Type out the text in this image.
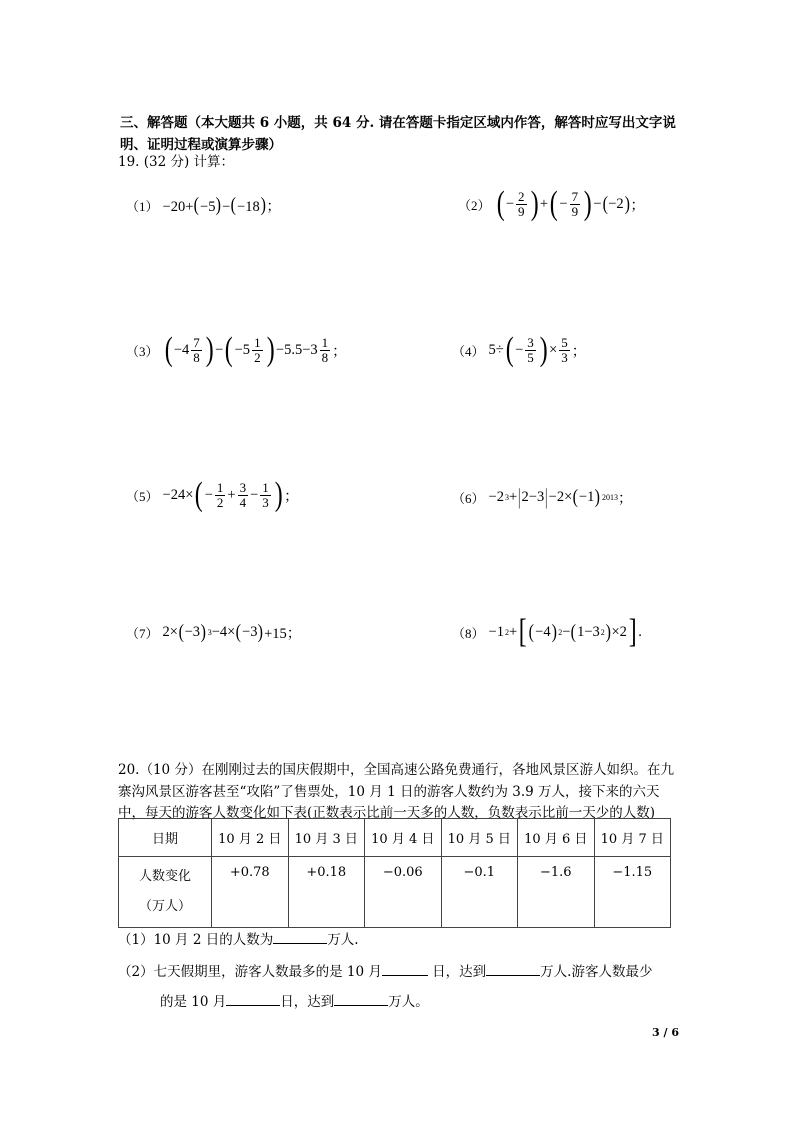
三、解答题（本大题共 6 小题，共 64 分. 请在答题卡指定区域内作答，解答时应写出文字说明、证明过程或演算步骤）
19. (32 分) 计算：
（1） −20+(−5)−(−18)；	（2） ( − $\frac{2}{9}$ ) + ( − $\frac{7}{9}$ ) − ( −2 ) ；
（3） ( $-4 \frac{7}{8}$ ) − ( $-5 \frac{1}{2}$ ) $-5.5-3 \frac{1}{8}$ ；	（4） 5÷ ( − $\frac{3}{5}$ ) × $\frac{5}{3}$ ；
（5） −24× ( − $\frac{1}{2} + \frac{3}{4} - \frac{1}{3}$ ) ；	（6） −2 3 + | 2−3 | −2× ( −1 ) 2013 ；
（7） 2× ( −3 ) 3 −4× ( −3 ) +15；	（8） −1 2 + [ ( −4 ) 2 − ( 1−3 2 ) ×2 ] .
20.（10 分）在刚刚过去的国庆假期中，全国高速公路免费通行，各地风景区游人如织。在九寨沟风景区游客甚至“攻陷”了售票处，10 月 1 日的游客人数约为 3.9 万人，接下来的六天中，每天的游客人数变化如下表(正数表示比前一天多的人数，负数表示比前一天少的人数)
日期	10 月 2 日	10 月 3 日	10 月 4 日	10 月 5 日	10 月 6 日	10 月 7 日

人数变化
（万人）	+0.78	+0.18	−0.06	−0.1	−1.6	−1.15
（1）10 月 2 日的人数为	万人.
（2）七天假期里，游客人数最多的是 10 月	日，达到	万人.游客人数最少
的是 10 月	日，达到	万人。
3 / 6
